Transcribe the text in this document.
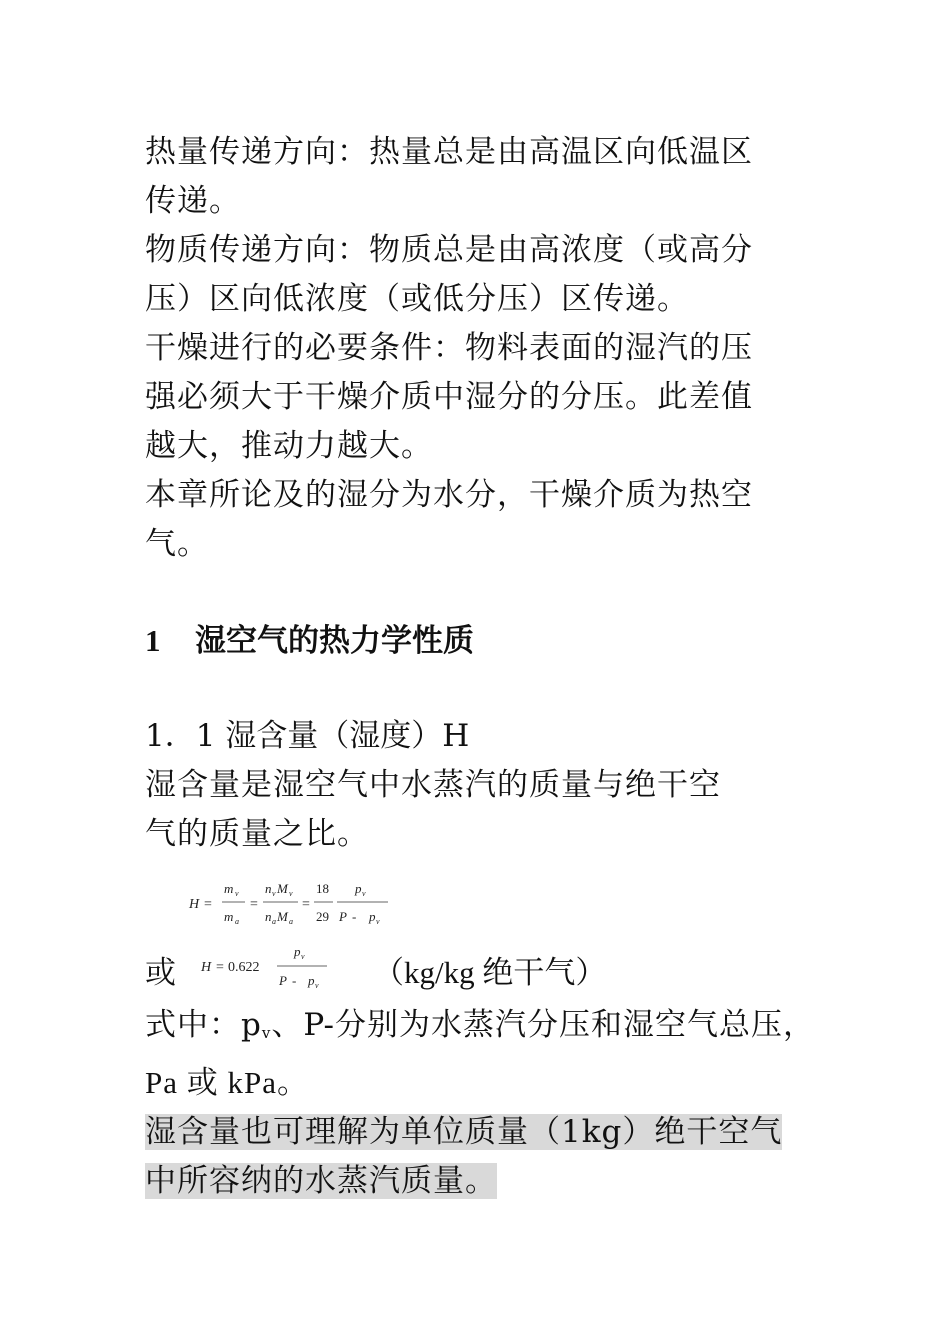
热量传递方向：热量总是由高温区向低温区
传递。

物质传递方向：物质总是由高浓度（或高分
压）区向低浓度（或低分压）区传递。

干燥进行的必要条件：物料表面的湿汽的压
强必须大于干燥介质中湿分的分压。此差值
越大，推动力越大。

本章所论及的湿分为水分，干燥介质为热空
气。

1 湿空气的热力学性质

1．1 湿含量（湿度）H

湿含量是湿空气中水蒸汽的质量与绝干空
气的质量之比。

H =
m v
m a
=
n v M v
n a M a
=
18
29
p v
P - p v
或 H = 0.622
p v
P - p v （kg/kg 绝干气）

式中：$p_v$、P-分别为水蒸汽分压和湿空气总压，
Pa 或 kPa。

湿含量也可理解为单位质量（1kg）绝干空气
中所容纳的水蒸汽质量。
